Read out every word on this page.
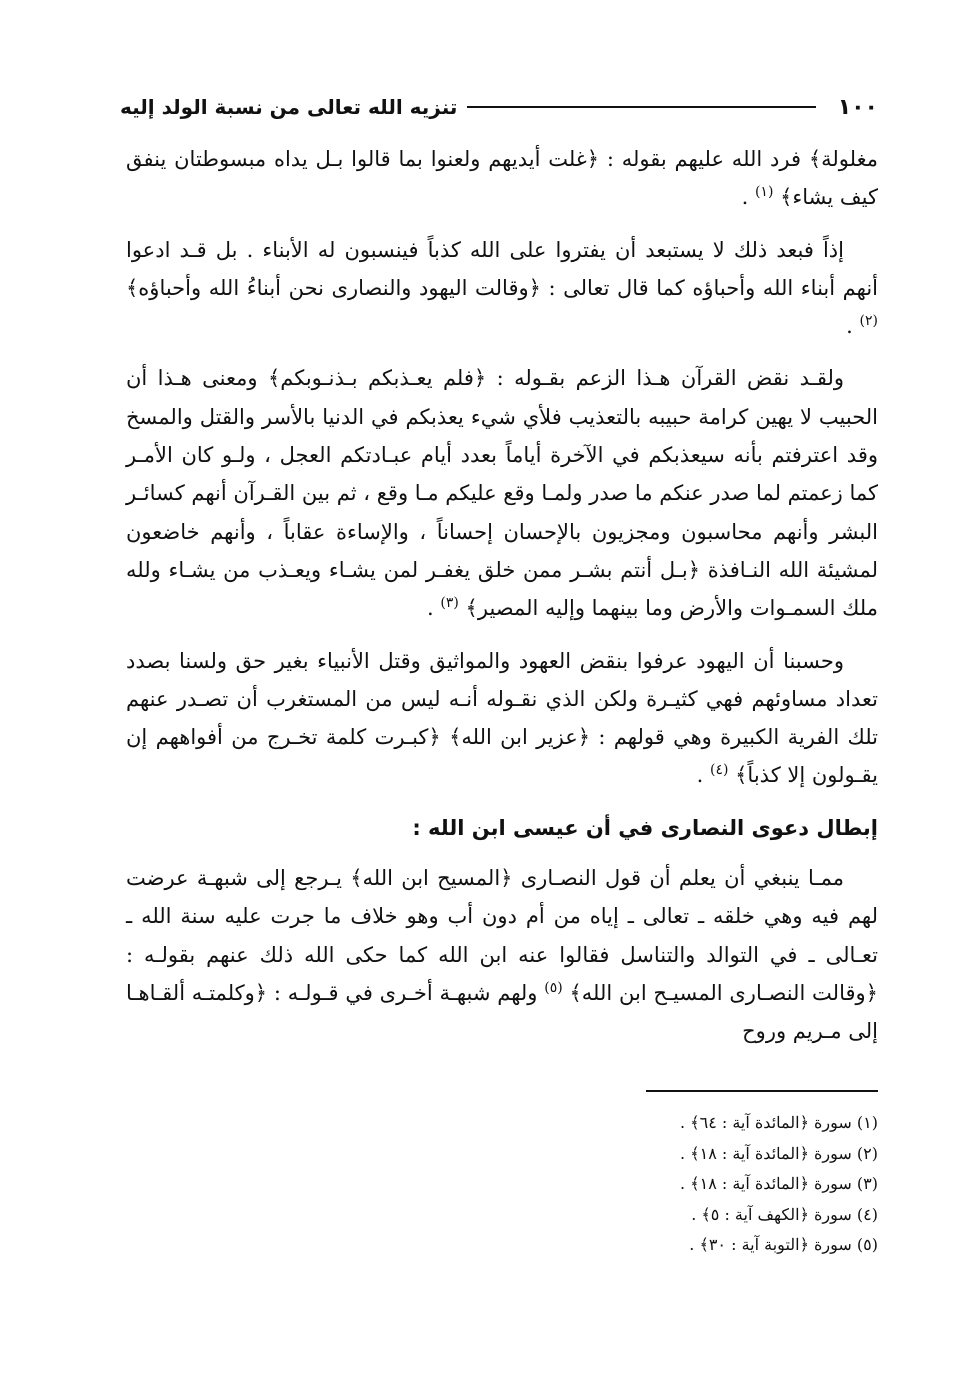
١٠٠
تنزيه الله تعالى من نسبة الولد إليه

مغلولة﴾ فرد الله عليهم بقوله : ﴿غلت أيديهم ولعنوا بما قالوا بـل يداه مبسوطتان ينفق كيف يشاء﴾ $^{(١)}$ .

إذاً فبعد ذلك لا يستبعد أن يفتروا على الله كذباً فينسبون له الأبناء . بل قـد ادعوا أنهم أبناء الله وأحباؤه كما قال تعالى : ﴿وقالت اليهود والنصارى نحن أبناءُ الله وأحباؤه﴾ $^{(٢)}$ .

ولقـد نقض القرآن هـذا الزعم بقـوله : ﴿فلم يعـذبكم بـذنـوبكم﴾ ومعنى هـذا أن الحبيب لا يهين كرامة حبيبه بالتعذيب فلأي شيء يعذبكم في الدنيا بالأسر والقتل والمسخ وقد اعترفتم بأنه سيعذبكم في الآخرة أياماً بعدد أيام عبـادتكم العجل ، ولـو كان الأمـر كما زعمتم لما صدر عنكم ما صدر ولمـا وقع عليكم مـا وقع ، ثم بين القـرآن أنهم كسائـر البشر وأنهم محاسبون ومجزيون بالإحسان إحساناً ، والإساءة عقاباً ، وأنهم خاضعون لمشيئة الله النـافذة ﴿بـل أنتم بشـر ممن خلق يغفـر لمن يشـاء ويعـذب من يشـاء ولله ملك السمـوات والأرض وما بينهما وإليه المصير﴾ $^{(٣)}$ .

وحسبنا أن اليهود عرفوا بنقض العهود والمواثيق وقتل الأنبياء بغير حق ولسنا بصدد تعداد مساوئهم فهي كثيـرة ولكن الذي نقـوله أنـه ليس من المستغرب أن تصـدر عنهم تلك الفرية الكبيرة وهي قولهم : ﴿عزير ابن الله﴾ ﴿كبـرت كلمة تخـرج من أفواههم إن يقـولون إلا كذباً﴾ $^{(٤)}$ .

إبطال دعوى النصارى في أن عيسى ابن الله :

ممـا ينبغي أن يعلم أن قول النصـارى ﴿المسيح ابن الله﴾ يـرجع إلى شبهـة عرضت لهم فيه وهي خلقه ـ تعالى ـ إياه من أم دون أب وهو خلاف ما جرت عليه سنة الله ـ تعـالى ـ في التوالد والتناسل فقالوا عنه ابن الله كما حكى الله ذلك عنهم بقولـه : ﴿وقالت النصـارى المسيـح ابن الله﴾ $^{(٥)}$ ولهم شبهـة أخـرى في قـولـه : ﴿وكلمتـه ألقـاهـا إلى مـريم وروح

(١) سورة ﴿المائدة آية : ٦٤﴾ .
(٢) سورة ﴿المائدة آية : ١٨﴾ .
(٣) سورة ﴿المائدة آية : ١٨﴾ .
(٤) سورة ﴿الكهف آية : ٥﴾ .
(٥) سورة ﴿التوبة آية : ٣٠﴾ .
